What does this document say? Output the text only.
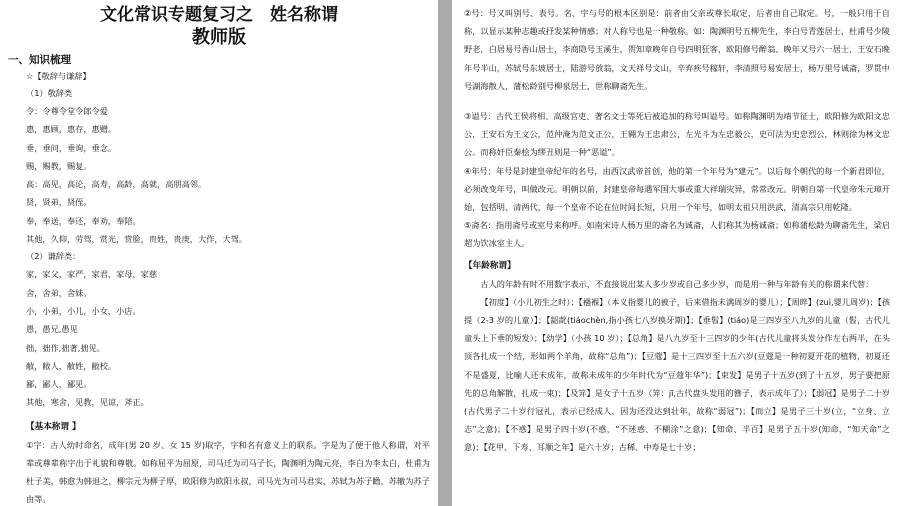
文化常识专题复习之　姓名称谓
教师版

一、知识梳理

☆【敬辞与谦辞】

（1）敬辞类

令：令尊令堂令郎令爱

惠，惠顾，惠存，惠赠。

垂，垂问，垂询，垂念。

赐，赐教，赐复。

高：高见，高论，高寿，高龄，高就，高朋高邻。

贤，贤弟，贤侄。

奉，奉送，奉还，奉劝，奉陪。

其他，久仰，劳驾，赏光，赏脸，贵姓，贵庚，大作，大驾。

（2）谦辞类：

家，家父，家严，家君，家母，家慈

舍，舍弟，舍妹。

小，小弟，小儿，小女，小店。

愚，愚兄,愚见

拙，拙作,拙著,拙见。

敝，敝人，敝姓，敝校。

鄙，鄙人，鄙见。

其他，寒舍，见教，见谅，斧正。

【基本称谓 】

①字：古人幼时命名，成年(男 20 岁、女 15 岁)取字，字和名有意义上的联系。字是为了便于他人称谓，对平辈或尊辈称字出于礼貌和尊敬。如称屈平为屈原，司马迁为司马子长，陶渊明为陶元亮，李白为李太白，杜甫为杜子美，韩愈为韩退之，柳宗元为柳子厚，欧阳修为欧阳永叔，司马光为司马君实，苏轼为苏子瞻，苏辙为苏子由等。

②号：号又叫别号、表号。名、字与号的根本区别是：前者由父亲或尊长取定，后者由自己取定。号，一般只用于自称，以显示某种志趣或抒发某种情感；对人称号也是一种敬称。如：陶渊明号五柳先生，李白号青莲居士，杜甫号少陵野老，白居易号香山居士，李商隐号玉溪生，贺知章晚年自号四明狂客，欧阳修号醉翁、晚年又号六一居士，王安石晚年号半山，苏轼号东坡居士，陆游号放翁，文天祥号文山，辛弃疾号稼轩，李清照号易安居士，杨万里号诚斋，罗贯中号湖海散人，蒲松龄别号柳泉居士，世称聊斋先生。

③谥号：古代王侯将相、高级官吏、著名文士等死后被追加的称号叫谥号。如称陶渊明为靖节征士，欧阳修为欧阳文忠公，王安石为王文公，范仲淹为范文正公，王翱为王忠肃公，左光斗为左忠毅公，史可法为史忠烈公，林则徐为林文忠公。而称奸臣秦桧为缪丑则是一种“恶谥”。

④年号：年号是封建皇帝纪年的名号，由西汉武帝首创，他的第一个年号为“建元”。以后每个朝代的每一个新君即位，必须改变年号，叫做改元。明朝以前，封建皇帝每遇军国大事或重大祥瑞灾异，常常改元。明朝自第一代皇帝朱元璋开始，包括明、清两代，每一个皇帝不论在位时间长短，只用一个年号，如明太祖只用洪武，清高宗只用乾隆。

⑤斋名：指用斋号或室号来称呼。如南宋诗人杨万里的斋名为诚斋，人们称其为杨诚斋；如称蒲松龄为聊斋先生，梁启超为饮冰室主人。

【年龄称谓】

古人的年龄有时不用数字表示，不直接说出某人多少岁或自己多少岁，而是用一种与年龄有关的称谓来代替：

【初度】（小儿初生之时）；【襁褓】（本义指婴儿的被子，后来借指未满周岁的婴儿）；【周晬】(zuì,婴儿周岁)；【孩提（2-3 岁的儿童）】；【龆龀(tiáochèn,指小孩七八岁换牙期)】；【垂髫】(tiáo)是三四岁至八九岁的儿童（髫，古代儿童头上下垂的短发）；【幼学】（小孩 10 岁）；【总角】是八九岁至十三四岁的少年(古代儿童将头发分作左右两半，在头顶各扎成一个结，形如两个羊角，故称“总角”)；【豆蔻】是十三四岁至十五六岁(豆蔻是一种初夏开花的植物，初夏还不是盛夏，比喻人还未成年，故称未成年的少年时代为“豆蔻年华”)；【束发】是男子十五岁(到了十五岁，男子要把原先的总角解散，扎成一束)；【及笄】是女子十五岁（笄：jī,古代盘头发用的簪子，表示成年了）；【弱冠】是男子二十岁(古代男子二十岁行冠礼，表示已经成人，因为还没达到壮年，故称“弱冠”)；【而立】是男子三十岁(立，“立身、立志”之意)；【不惑】是男子四十岁(不惑，“不迷惑、不糊涂”之意)；【知命、半百】是男子五十岁(知命，“知天命”之意)；【花甲、下寿、耳顺之年】是六十岁；古稀、中寿是七十岁；
